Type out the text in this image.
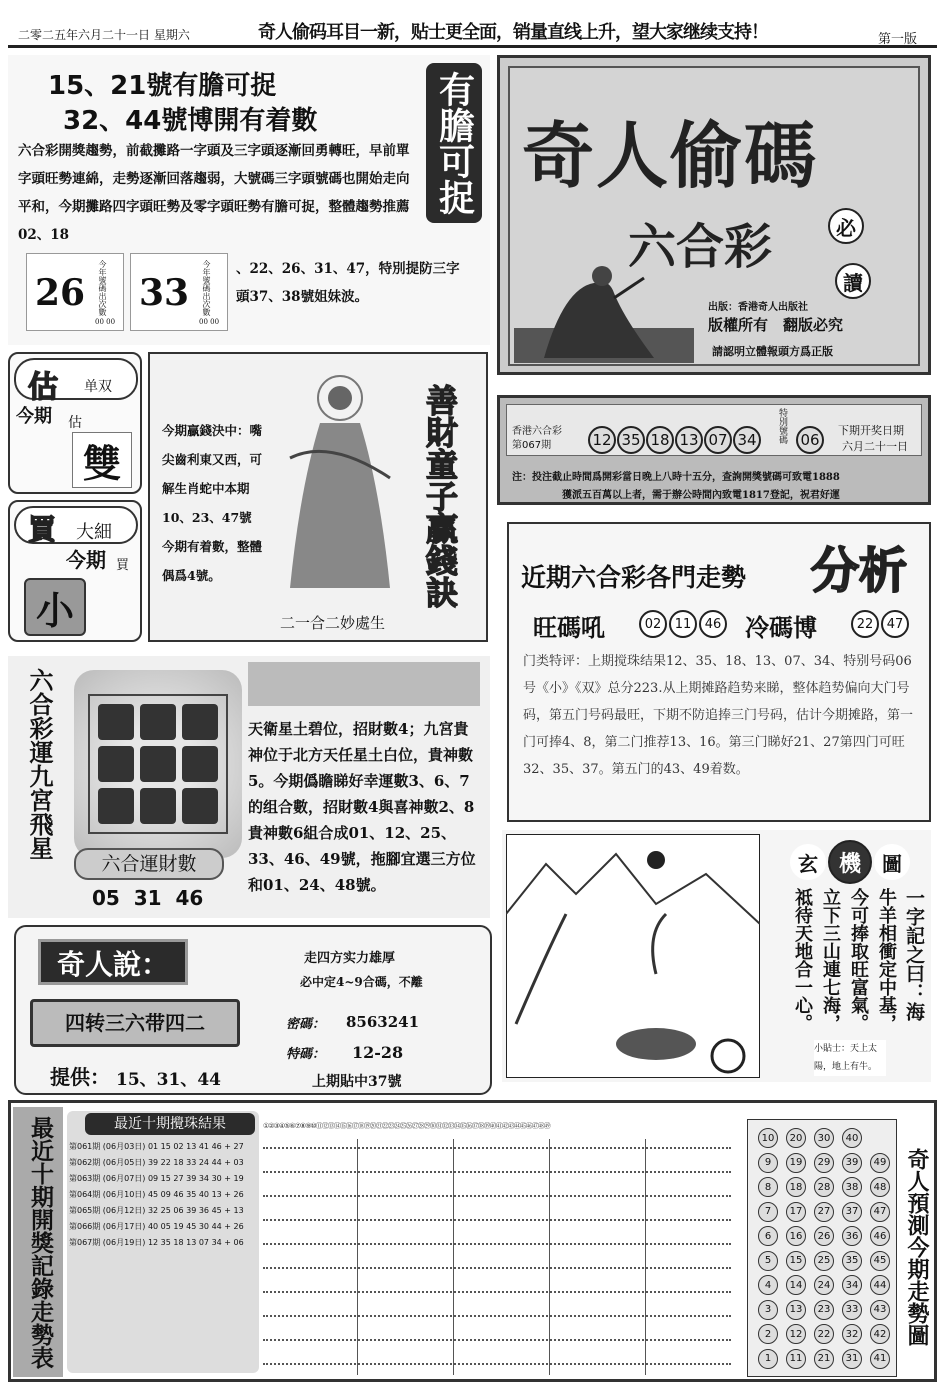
二零二五年六月二十一日 星期六	奇人偷码耳目一新，贴士更全面，销量直线上升，望大家继续支持！	第一版
15、21號有膽可捉
32、44號博開有着數	有膽可捉
六合彩開獎趨勢，前截攤路一字頭及三字頭逐漸回勇轉旺，早前單字頭旺勢連綿，走勢逐漸回落趨弱，大號碼三字頭號碼也開始走向平和，今期攤路四字頭旺勢及零字頭旺勢有膽可捉，整體趨勢推薦02、18
26 今年號碼出次數
00 00
33 今年號碼出次數
00 00
、22、26、31、47，特別提防三字頭37、38號姐妹波。
奇人偷碼
六合彩	必
讀
出版：香港奇人出版社
版權所有　翻版必究
請認明立體報頭方爲正版
香港六合彩
第067期	12 35 18 13 07 34	特別號碼 06
下期开奖日期
六月二十一日
注：投注截止時間爲開彩當日晚上八時十五分，查詢開獎號碼可致電1888
獲派五百萬以上者，需于辦公時間內致電1817登記，祝君好運
估 单双
今期 估
雙
買 大細
今期 買
小
今期贏錢決中：嘴尖齒利東又西，可解生肖蛇中本期10、23、47號今期有着數，整體偶爲4號。	善財童子贏錢訣
二一合二妙處生
近期六合彩各門走勢 分析
旺碼吼	02	11	46 冷碼博	22	47
门类特评：上期搅珠结果12、35、18、13、07、34、特别号码06号《小》《双》总分223.从上期摊路趋势来睇，整体趋势偏向大门号码，第五门号码最旺，下期不防追捧三门号码，估计今期摊路，第一门可捧4、8，第二门推荐13、16。第三门睇好21、27第四门可旺32、35、37。第五门的43、49着数。
六合彩運九宮飛星
六合運財數
05  31  46
天衛星土碧位，招財數4；九宮貴神位于北方天任星土白位，貴神數5。今期僞瞻睇好幸運數3、6、7的组合數，招財數4與喜神數2、8貴神數6組合成01、12、25、33、46、49號，拖腳宜選三方位和01、24、48號。
玄 機	圖
一字記之曰：海
牛羊相衝定中基，
今可捧取旺富氣。
立下三山連七海，
祗待天地合一心。
小貼士：天上太陽，地上有牛。
奇人說：
四转三六带四二
提供： 15、31、44
走四方实力雄厚
必中定4~9合碼，不離
密碼： 8563241
特碼： 12-28
上期貼中37號
最近十期開獎記錄走勢表	最近十期攪珠結果
第061期 (06月03日) 01 15 02 13 41 46 + 27
第062期 (06月05日) 39 22 18 33 24 44 + 03
第063期 (06月07日) 09 15 27 39 34 30 + 19
第064期 (06月10日) 45 09 46 35 40 13 + 26
第065期 (06月12日) 32 25 06 39 36 45 + 13
第066期 (06月17日) 40 05 19 45 30 44 + 26
第067期 (06月19日) 12 35 18 13 07 34 + 06
①②③④⑤⑥⑦⑧⑨⑩⑪⑫⑬⑭⑮⑯⑰⑱⑲⑳㉑㉒㉓㉔㉕㉖㉗㉘㉙㉚㉛㉜㉝㉞㉟㊱㊲㊳㊴㊵㊶㊷㊸㊹㊺㊻㊼㊽㊾
10	20	30	40
9	19	29	39	49
8	18	28	38	48
7	17	27	37	47
6	16	26	36	46
5	15	25	35	45
4	14	24	34	44
3	13	23	33	43
2	12	22	32	42
1	11	21	31	41
奇人預測今期走勢圖
